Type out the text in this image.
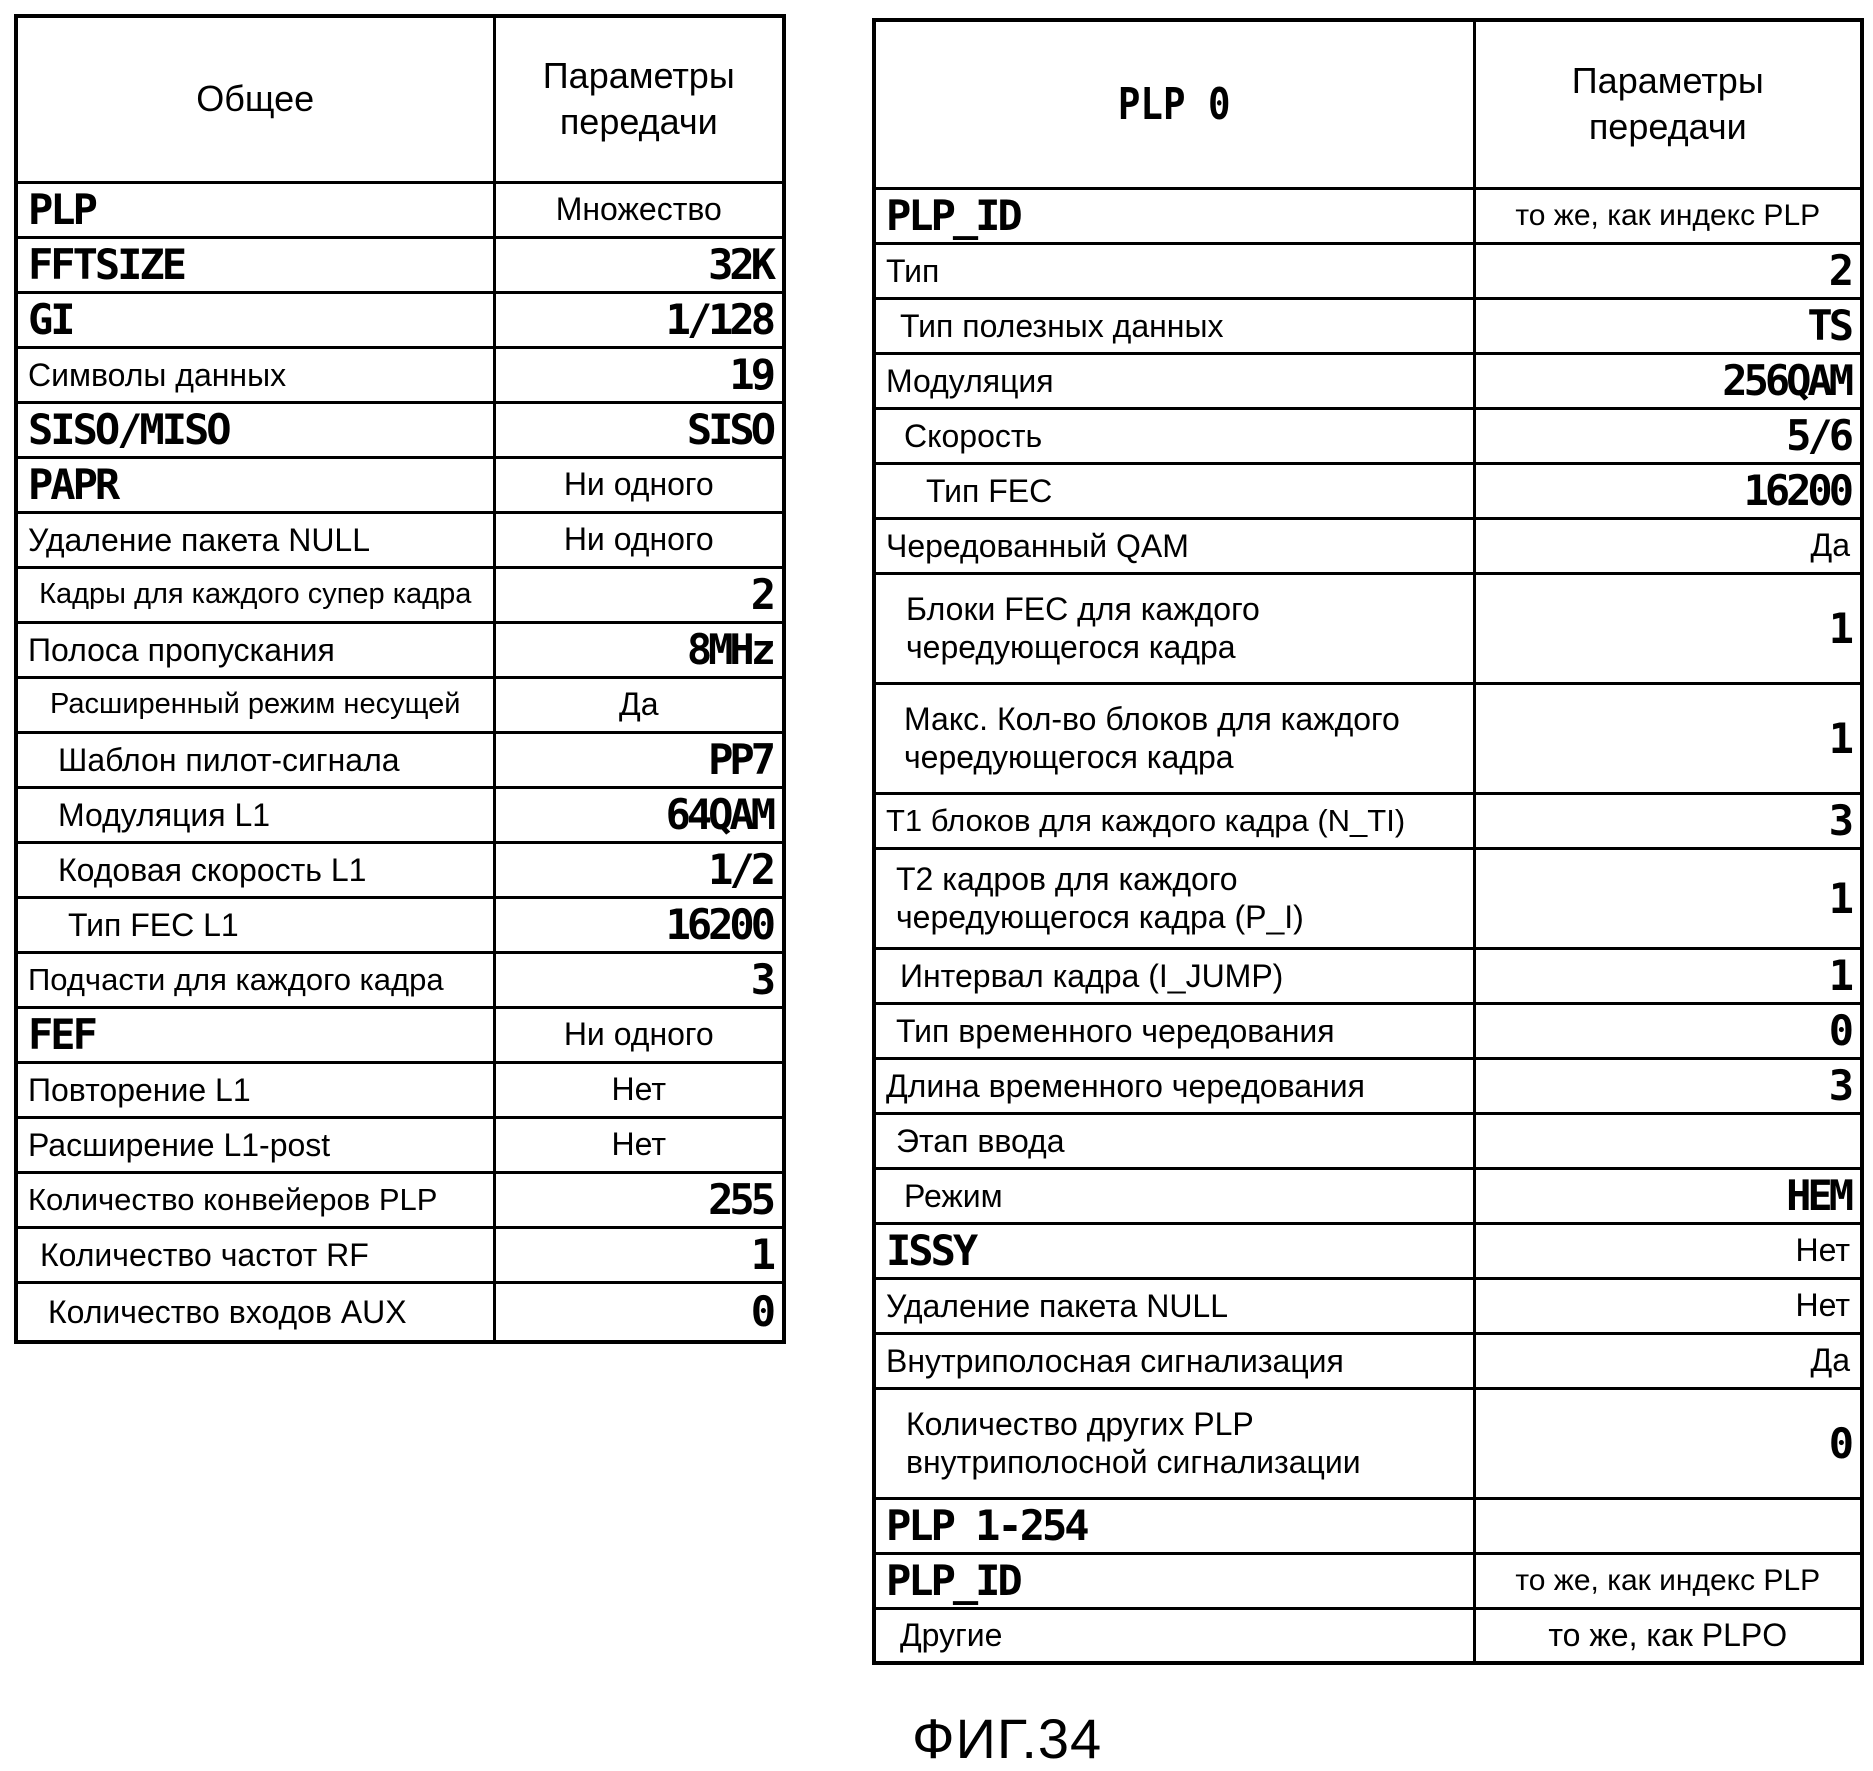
Общее	Параметры
передачи
PLP	Множество
FFTSIZE	32K
GI	1/128
Символы данных	19
SISO/MISO	SISO
PAPR	Ни одного
Удаление пакета NULL	Ни одного
Кадры для каждого супер кадра	2
Полоса пропускания	8MHz
Расширенный режим несущей	Да
Шаблон пилот-сигнала	PP7
Модуляция L1	64QAM
Кодовая скорость L1	1/2
Тип FEC L1	16200
Подчасти для каждого кадра	3
FEF	Ни одного
Повторение L1	Нет
Расширение L1-post	Нет
Количество конвейеров PLP	255
Количество частот RF	1
Количество входов AUX	0
PLP 0	Параметры
передачи
PLP_ID	то же, как индекс PLP
Тип	2
Тип полезных данных	TS
Модуляция	256QAM
Скорость	5/6
Тип FEC	16200
Чередованный QAM	Да
Блоки FEC для каждого чередующегося кадра	1
Макс. Кол-во блоков для каждого чередующегося кадра	1
T1 блоков для каждого кадра (N_TI)	3
T2 кадров для каждого чередующегося кадра (P_I)	1
Интервал кадра (I_JUMP)	1
Тип временного чередования	0
Длина временного чередования	3
Этап ввода	
Режим	HEM
ISSY	Нет
Удаление пакета NULL	Нет
Внутриполосная сигнализация	Да
Количество других PLP внутриполосной сигнализации	0
PLP 1-254	
PLP_ID	то же, как индекс PLP
Другие	то же, как PLPO
ФИГ.34
